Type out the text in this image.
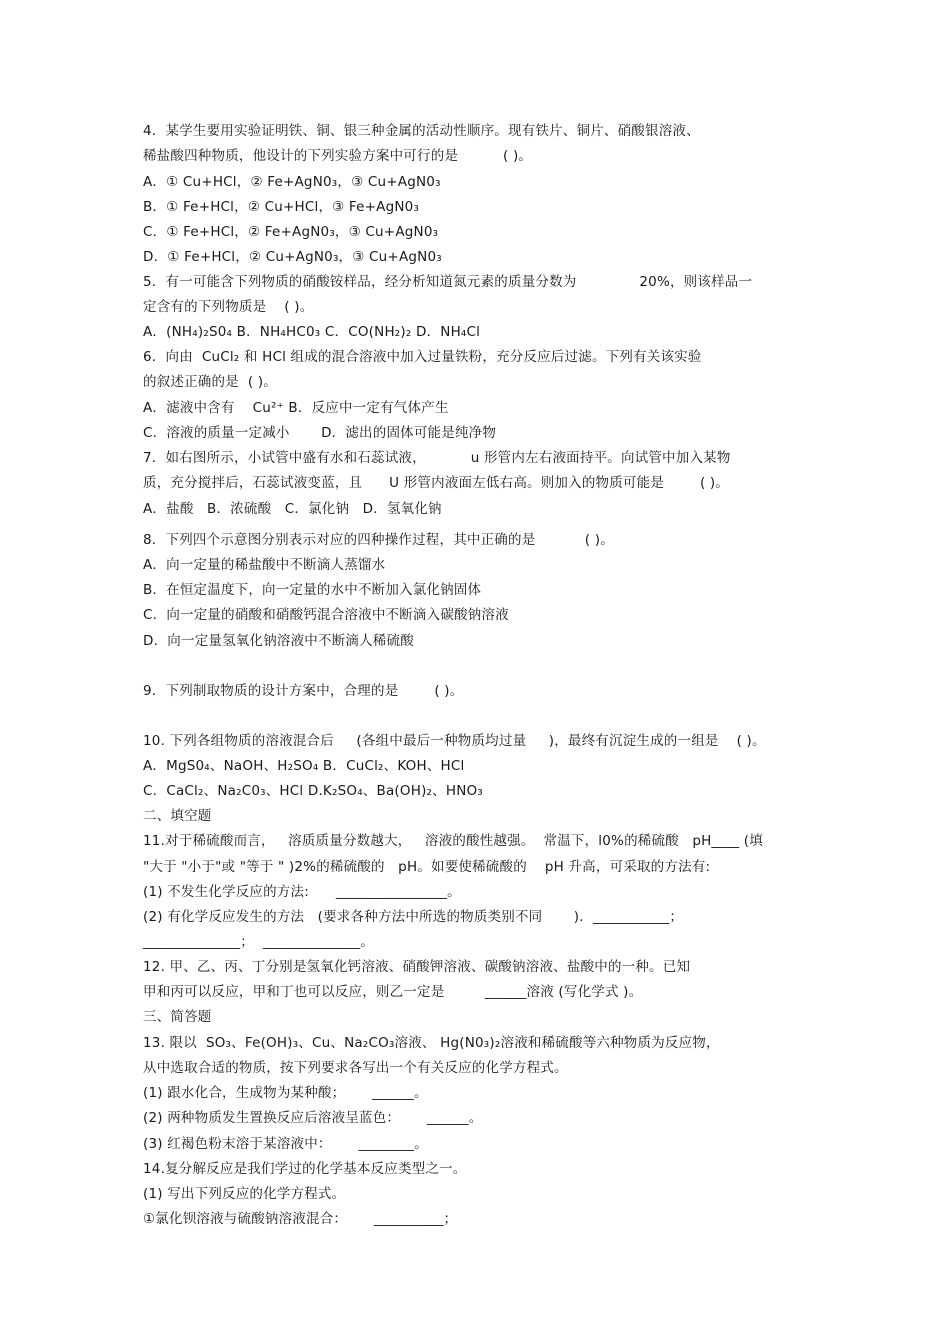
4．某学生要用实验证明铁、铜、银三种金属的活动性顺序。现有铁片、铜片、硝酸银溶液、
稀盐酸四种物质，他设计的下列实验方案中可行的是          ( )。
A．① Cu+HCl，② Fe+AgN0₃，③ Cu+AgN0₃
B．① Fe+HCl，② Cu+HCl，③ Fe+AgN0₃
C．① Fe+HCl，② Fe+AgN0₃，③ Cu+AgN0₃
D．① Fe+HCl，② Cu+AgN0₃，③ Cu+AgN0₃
5．有一可能含下列物质的硝酸铵样品，经分析知道氮元素的质量分数为              20%，则该样品一
定含有的下列物质是    ( )。
A．(NH₄)₂S0₄ B．NH₄HC0₃ C．CO(NH₂)₂ D．NH₄Cl
6．向由  CuCl₂ 和 HCl 组成的混合溶液中加入过量铁粉，充分反应后过滤。下列有关该实验
的叙述正确的是  ( )。
A．滤液中含有    Cu²⁺ B．反应中一定有气体产生
C．溶液的质量一定减小       D．滤出的固体可能是纯净物
7．如右图所示，小试管中盛有水和石蕊试液，          u 形管内左右液面持平。向试管中加入某物
质，充分搅拌后，石蕊试液变蓝，且      U 形管内液面左低右高。则加入的物质可能是        ( )。
A．盐酸   B．浓硫酸   C．氯化钠   D．氢氧化钠
8．下列四个示意图分别表示对应的四种操作过程，其中正确的是           ( )。
A．向一定量的稀盐酸中不断滴人蒸馏水
B．在恒定温度下，向一定量的水中不断加入氯化钠固体
C．向一定量的硝酸和硝酸钙混合溶液中不断滴入碳酸钠溶液
D．向一定量氢氧化钠溶液中不断滴人稀硫酸
9．下列制取物质的设计方案中，合理的是        ( )。
10. 下列各组物质的溶液混合后     (各组中最后一种物质均过量     )，最终有沉淀生成的一组是    ( )。
A．MgS0₄、NaOH、H₂SO₄ B．CuCl₂、KOH、HCl
C．CaCl₂、Na₂C0₃、HCl D.K₂SO₄、Ba(OH)₂、HNO₃
二、填空题
11.对于稀硫酸而言，   溶质质量分数越大，   溶液的酸性越强。  常温下，l0%的稀硫酸   pH____ (填
"大于 "小于"或 "等于 " )2%的稀硫酸的   pH。如要使稀硫酸的    pH 升高，可采取的方法有:
(1) 不发生化学反应的方法:      ________________。
(2) 有化学反应发生的方法   (要求各种方法中所选的物质类别不同       )．___________；
______________；  ______________。
12. 甲、乙、丙、丁分别是氢氧化钙溶液、硝酸钾溶液、碳酸钠溶液、盐酸中的一种。已知
甲和丙可以反应，甲和丁也可以反应，则乙一定是         ______溶液 (写化学式 )。
三、简答题
13. 限以  SO₃、Fe(OH)₃、Cu、Na₂CO₃溶液、 Hg(N0₃)₂溶液和稀硫酸等六种物质为反应物，
从中选取合适的物质，按下列要求各写出一个有关反应的化学方程式。
(1) 跟水化合，生成物为某种酸；      ______。
(2) 两种物质发生置换反应后溶液呈蓝色：      ______。
(3) 红褐色粉末溶于某溶液中：      ________。
14.复分解反应是我们学过的化学基本反应类型之一。
(1) 写出下列反应的化学方程式。
①氯化钡溶液与硫酸钠溶液混合：      __________；
